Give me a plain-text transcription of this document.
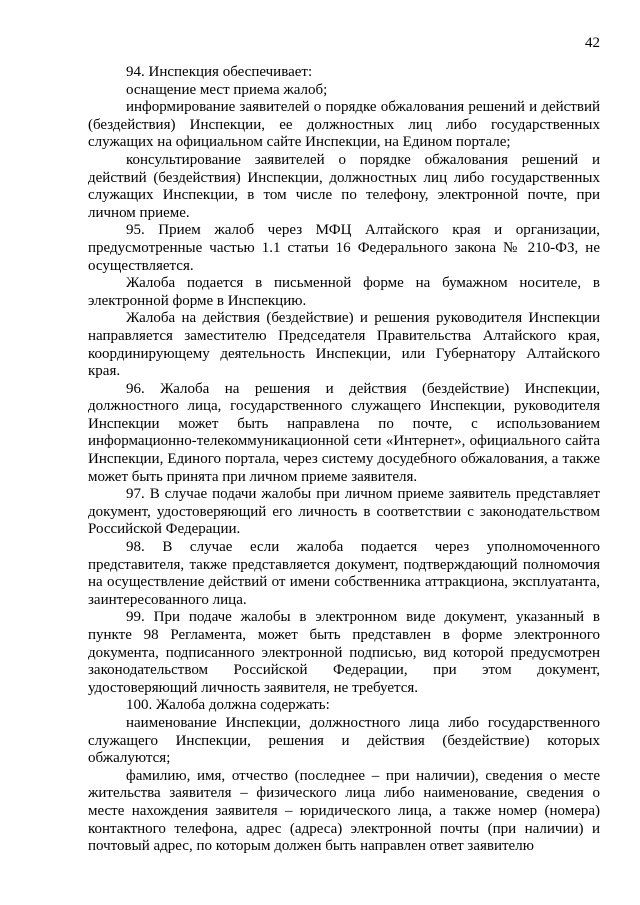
42

94. Инспекция обеспечивает:

оснащение мест приема жалоб;

информирование заявителей о порядке обжалования решений и действий (бездействия) Инспекции, ее должностных лиц либо государственных служащих на официальном сайте Инспекции, на Едином портале;

консультирование заявителей о порядке обжалования решений и действий (бездействия) Инспекции, должностных лиц либо государственных служащих Инспекции, в том числе по телефону, электронной почте, при личном приеме.

95. Прием жалоб через МФЦ Алтайского края и организации, предусмотренные частью 1.1 статьи 16 Федерального закона № 210-ФЗ, не осуществляется.

Жалоба подается в письменной форме на бумажном носителе, в электронной форме в Инспекцию.

Жалоба на действия (бездействие) и решения руководителя Инспекции направляется заместителю Председателя Правительства Алтайского края, координирующему деятельность Инспекции, или Губернатору Алтайского края.

96. Жалоба на решения и действия (бездействие) Инспекции, должностного лица, государственного служащего Инспекции, руководителя Инспекции может быть направлена по почте, с использованием информационно-телекоммуникационной сети «Интернет», официального сайта Инспекции, Единого портала, через систему досудебного обжалования, а также может быть принята при личном приеме заявителя.

97. В случае подачи жалобы при личном приеме заявитель представляет документ, удостоверяющий его личность в соответствии с законодательством Российской Федерации.

98. В случае если жалоба подается через уполномоченного представителя, также представляется документ, подтверждающий полномочия на осуществление действий от имени собственника аттракциона, эксплуатанта, заинтересованного лица.

99. При подаче жалобы в электронном виде документ, указанный в пункте 98 Регламента, может быть представлен в форме электронного документа, подписанного электронной подписью, вид которой предусмотрен законодательством Российской Федерации, при этом документ, удостоверяющий личность заявителя, не требуется.

100. Жалоба должна содержать:

наименование Инспекции, должностного лица либо государственного служащего Инспекции, решения и действия (бездействие) которых обжалуются;

фамилию, имя, отчество (последнее – при наличии), сведения о месте жительства заявителя – физического лица либо наименование, сведения о месте нахождения заявителя – юридического лица, а также номер (номера) контактного телефона, адрес (адреса) электронной почты (при наличии) и почтовый адрес, по которым должен быть направлен ответ заявителю
